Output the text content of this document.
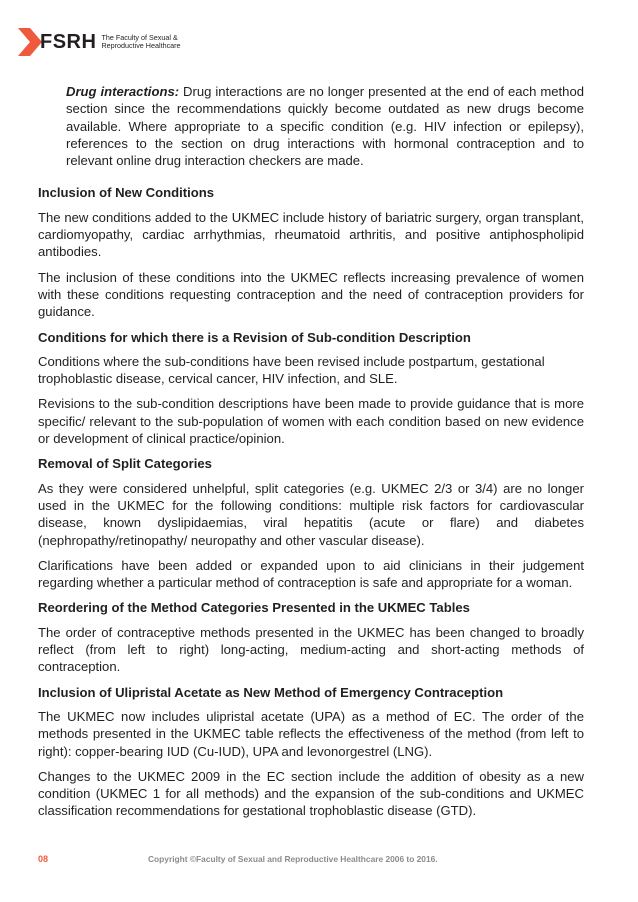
FSRH The Faculty of Sexual &
Reproductive Healthcare
Drug interactions: Drug interactions are no longer presented at the end of each method section since the recommendations quickly become outdated as new drugs become available. Where appropriate to a specific condition (e.g. HIV infection or epilepsy), references to the section on drug interactions with hormonal contraception and to relevant online drug interaction checkers are made.
Inclusion of New Conditions

The new conditions added to the UKMEC include history of bariatric surgery, organ transplant, cardiomyopathy, cardiac arrhythmias, rheumatoid arthritis, and positive antiphospholipid antibodies.

The inclusion of these conditions into the UKMEC reflects increasing prevalence of women with these conditions requesting contraception and the need of contraception providers for guidance.

Conditions for which there is a Revision of Sub-condition Description

Conditions where the sub-conditions have been revised include postpartum, gestational trophoblastic disease, cervical cancer, HIV infection, and SLE.

Revisions to the sub-condition descriptions have been made to provide guidance that is more specific/ relevant to the sub-population of women with each condition based on new evidence or development of clinical practice/opinion.

Removal of Split Categories

As they were considered unhelpful, split categories (e.g. UKMEC 2/3 or 3/4) are no longer used in the UKMEC for the following conditions: multiple risk factors for cardiovascular disease, known dyslipidaemias, viral hepatitis (acute or flare) and diabetes (nephropathy/retinopathy/ neuropathy and other vascular disease).

Clarifications have been added or expanded upon to aid clinicians in their judgement regarding whether a particular method of contraception is safe and appropriate for a woman.

Reordering of the Method Categories Presented in the UKMEC Tables

The order of contraceptive methods presented in the UKMEC has been changed to broadly reflect (from left to right) long-acting, medium-acting and short-acting methods of contraception.

Inclusion of Ulipristal Acetate as New Method of Emergency Contraception

The UKMEC now includes ulipristal acetate (UPA) as a method of EC. The order of the methods presented in the UKMEC table reflects the effectiveness of the method (from left to right): copper-bearing IUD (Cu-IUD), UPA and levonorgestrel (LNG).

Changes to the UKMEC 2009 in the EC section include the addition of obesity as a new condition (UKMEC 1 for all methods) and the expansion of the sub-conditions and UKMEC classification recommendations for gestational trophoblastic disease (GTD).

08	Copyright ©Faculty of Sexual and Reproductive Healthcare 2006 to 2016.
